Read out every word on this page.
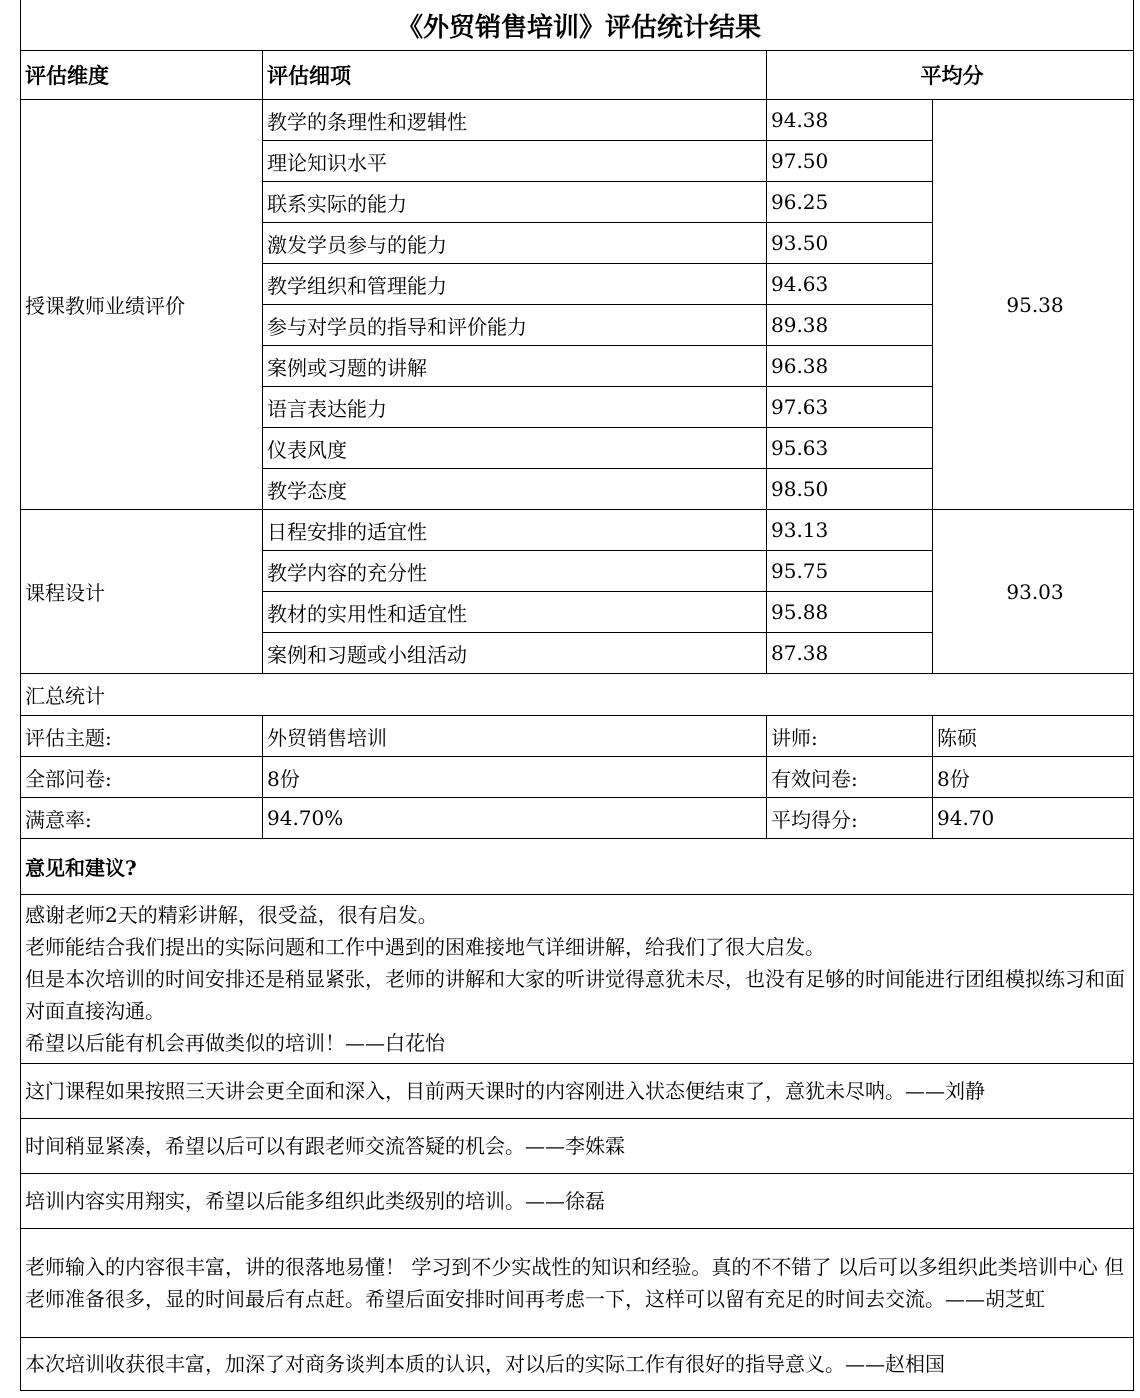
《外贸销售培训》评估统计结果			
评估维度	评估细项	平均分	
授课教师业绩评价	教学的条理性和逻辑性	94.38	95.38
	理论知识水平	97.50	
	联系实际的能力	96.25	
	激发学员参与的能力	93.50	
	教学组织和管理能力	94.63	
	参与对学员的指导和评价能力	89.38	
	案例或习题的讲解	96.38	
	语言表达能力	97.63	
	仪表风度	95.63	
	教学态度	98.50	
课程设计	日程安排的适宜性	93.13	93.03
	教学内容的充分性	95.75	
	教材的实用性和适宜性	95.88	
	案例和习题或小组活动	87.38	
汇总统计			
评估主题:	外贸销售培训	讲师:	陈硕
全部问卷:	8份	有效问卷:	8份
满意率:	94.70%	平均得分:	94.70
意见和建议?			

感谢老师2天的精彩讲解，很受益，很有启发。

老师能结合我们提出的实际问题和工作中遇到的困难接地气详细讲解，给我们了很大启发。

但是本次培训的时间安排还是稍显紧张，老师的讲解和大家的听讲觉得意犹未尽，也没有足够的时间能进行团组模拟练习和面对面直接沟通。

希望以后能有机会再做类似的培训！——白花怡			

这门课程如果按照三天讲会更全面和深入，目前两天课时的内容刚进入状态便结束了，意犹未尽呐。——刘静			
时间稍显紧凑，希望以后可以有跟老师交流答疑的机会。——李姝霖			
培训内容实用翔实，希望以后能多组织此类级别的培训。——徐磊			
老师输入的内容很丰富，讲的很落地易懂！ 学习到不少实战性的知识和经验。真的不不错了 以后可以多组织此类培训中心 但老师准备很多，显的时间最后有点赶。希望后面安排时间再考虑一下，这样可以留有充足的时间去交流。——胡芝虹			
本次培训收获很丰富，加深了对商务谈判本质的认识，对以后的实际工作有很好的指导意义。——赵相国			
